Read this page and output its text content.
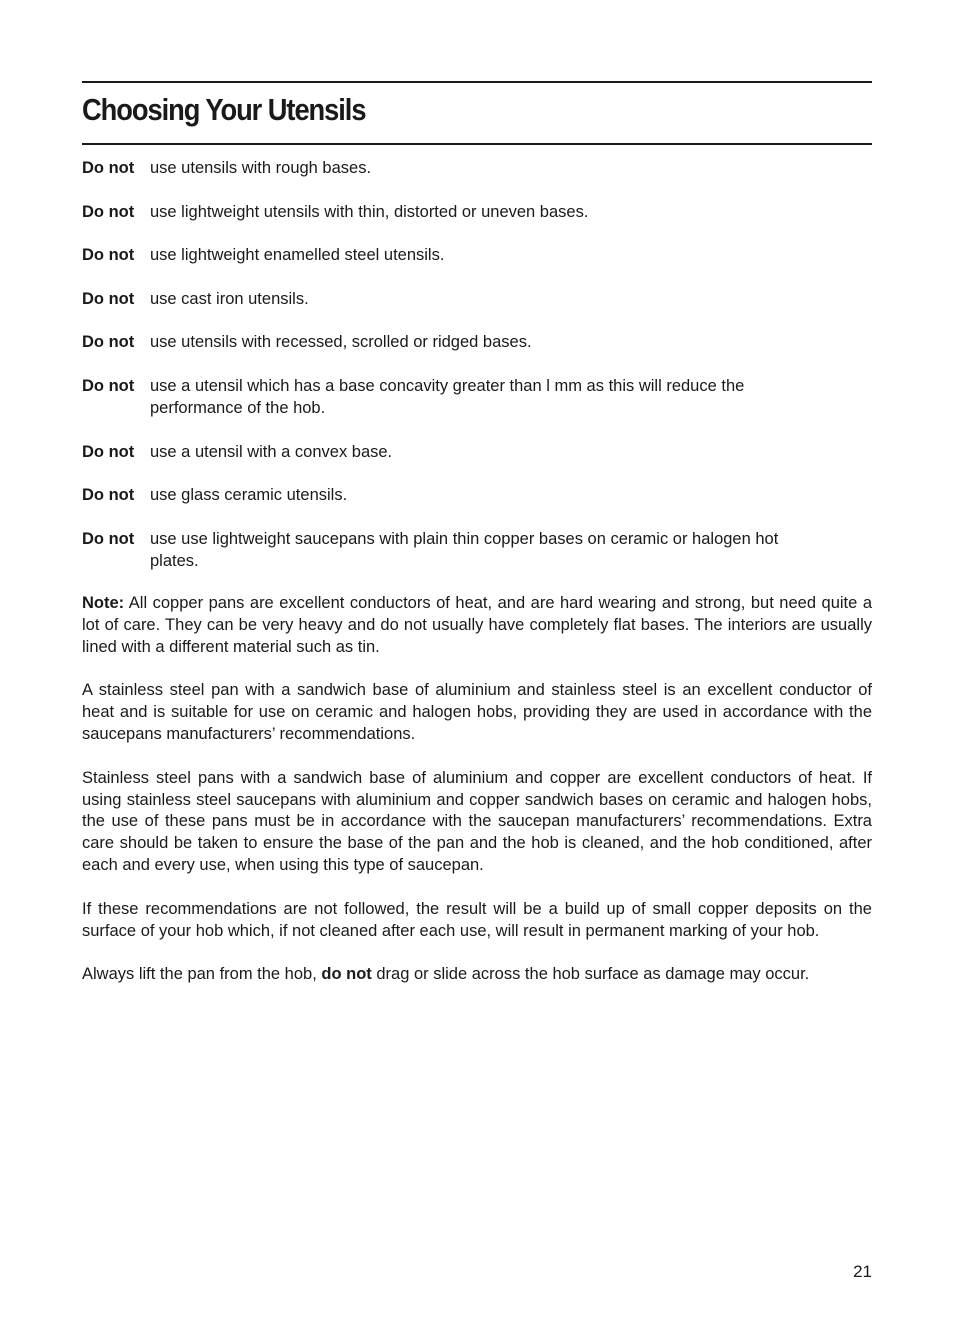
Choosing Your Utensils
Do not use utensils with rough bases.
Do not use lightweight utensils with thin, distorted or uneven bases.
Do not use lightweight enamelled steel utensils.
Do not use cast iron utensils.
Do not use utensils with recessed, scrolled or ridged bases.
Do not use a utensil which has a base concavity greater than l mm as this will reduce the performance of the hob.
Do not use a utensil with a convex base.
Do not use glass ceramic utensils.
Do not use use lightweight saucepans with plain thin copper bases on ceramic or halogen hot plates.

Note: All copper pans are excellent conductors of heat, and are hard wearing and strong, but need quite a lot of care. They can be very heavy and do not usually have completely flat bases. The interiors are usually lined with a different material such as tin.

A stainless steel pan with a sandwich base of aluminium and stainless steel is an excellent conductor of heat and is suitable for use on ceramic and halogen hobs, providing they are used in accordance with the saucepans manufacturers’ recommendations.

Stainless steel pans with a sandwich base of aluminium and copper are excellent conductors of heat. If using stainless steel saucepans with aluminium and copper sandwich bases on ceramic and halogen hobs, the use of these pans must be in accordance with the saucepan manufacturers’ recommendations. Extra care should be taken to ensure the base of the pan and the hob is cleaned, and the hob conditioned, after each and every use, when using this type of saucepan.

If these recommendations are not followed, the result will be a build up of small copper deposits on the surface of your hob which, if not cleaned after each use, will result in permanent marking of your hob.

Always lift the pan from the hob, do not drag or slide across the hob surface as damage may occur.

21
